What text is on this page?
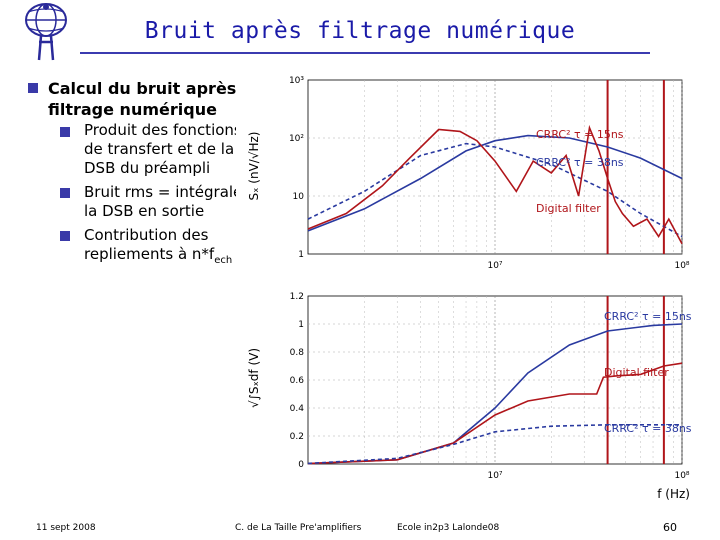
Bruit après filtrage numérique
Calcul du bruit après
filtrage numérique
Produit des fonctions
de transfert et de la
DSB du préampli
Bruit rms = intégrale de
la DSB en sortie
Contribution des
repliements à $n*f_{ech}$
10³
10²
10
1
10⁷	10⁸
Sₓ (nV/√Hz)
0
0.2
0.4
0.6
0.8
1
1.2
10⁷	10⁸
√∫Sₓdf (V)
f (Hz)
CRRC² τ = 15ns
CRRC² τ = 38ns
Digital filter
CRRC² τ = 15ns
Digital filter
CRRC² τ = 38ns
11 sept 2008	C. de La Taille Pre'amplifiers	Ecole in2p3 Lalonde08	60
